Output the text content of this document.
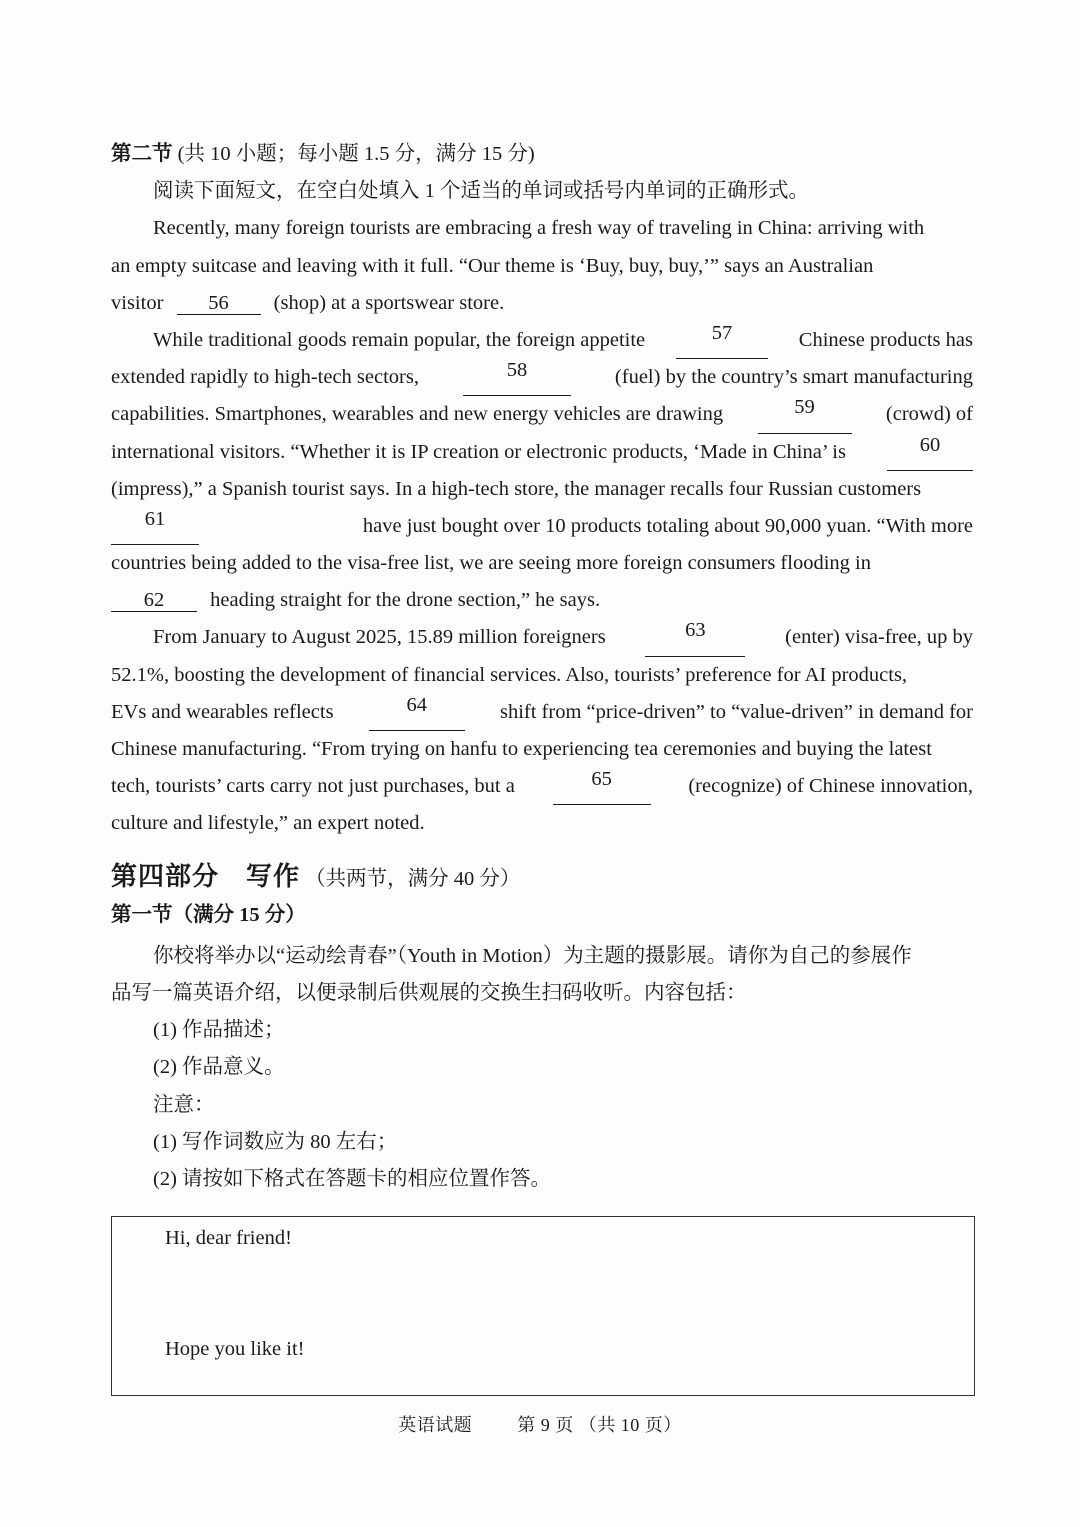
第二节 (共 10 小题；每小题 1.5 分，满分 15 分)
阅读下面短文，在空白处填入 1 个适当的单词或括号内单词的正确形式。
Recently, many foreign tourists are embracing a fresh way of traveling in China: arriving with
an empty suitcase and leaving with it full. “Our theme is ‘Buy, buy, buy,’” says an Australian
visitor 56 (shop) at a sportswear store.
While traditional goods remain popular, the foreign appetite	57	Chinese products has
extended rapidly to high-tech sectors,	58	(fuel) by the country’s smart manufacturing
capabilities. Smartphones, wearables and new energy vehicles are drawing	59	(crowd) of
international visitors. “Whether it is IP creation or electronic products, ‘Made in China’ is	60
(impress),” a Spanish tourist says. In a high-tech store, the manager recalls four Russian customers
61	have just bought over 10 products totaling about 90,000 yuan. “With more
countries being added to the visa-free list, we are seeing more foreign consumers flooding in
62 heading straight for the drone section,” he says.
From January to August 2025, 15.89 million foreigners	63	(enter) visa-free, up by
52.1%, boosting the development of financial services. Also, tourists’ preference for AI products,
EVs and wearables reflects	64	shift from “price-driven” to “value-driven” in demand for
Chinese manufacturing. “From trying on hanfu to experiencing tea ceremonies and buying the latest
tech, tourists’ carts carry not just purchases, but a	65	(recognize) of Chinese innovation,
culture and lifestyle,” an expert noted.
第四部分　写作 （共两节，满分 40 分）
第一节（满分 15 分）
你校将举办以“运动绘青春”（Youth in Motion）为主题的摄影展。请你为自己的参展作
品写一篇英语介绍，以便录制后供观展的交换生扫码收听。内容包括：
(1) 作品描述；
(2) 作品意义。
注意：
(1) 写作词数应为 80 左右；
(2) 请按如下格式在答题卡的相应位置作答。
Hi, dear friend!
Hope you like it!
英语试题	第 9 页 （共 10 页）
